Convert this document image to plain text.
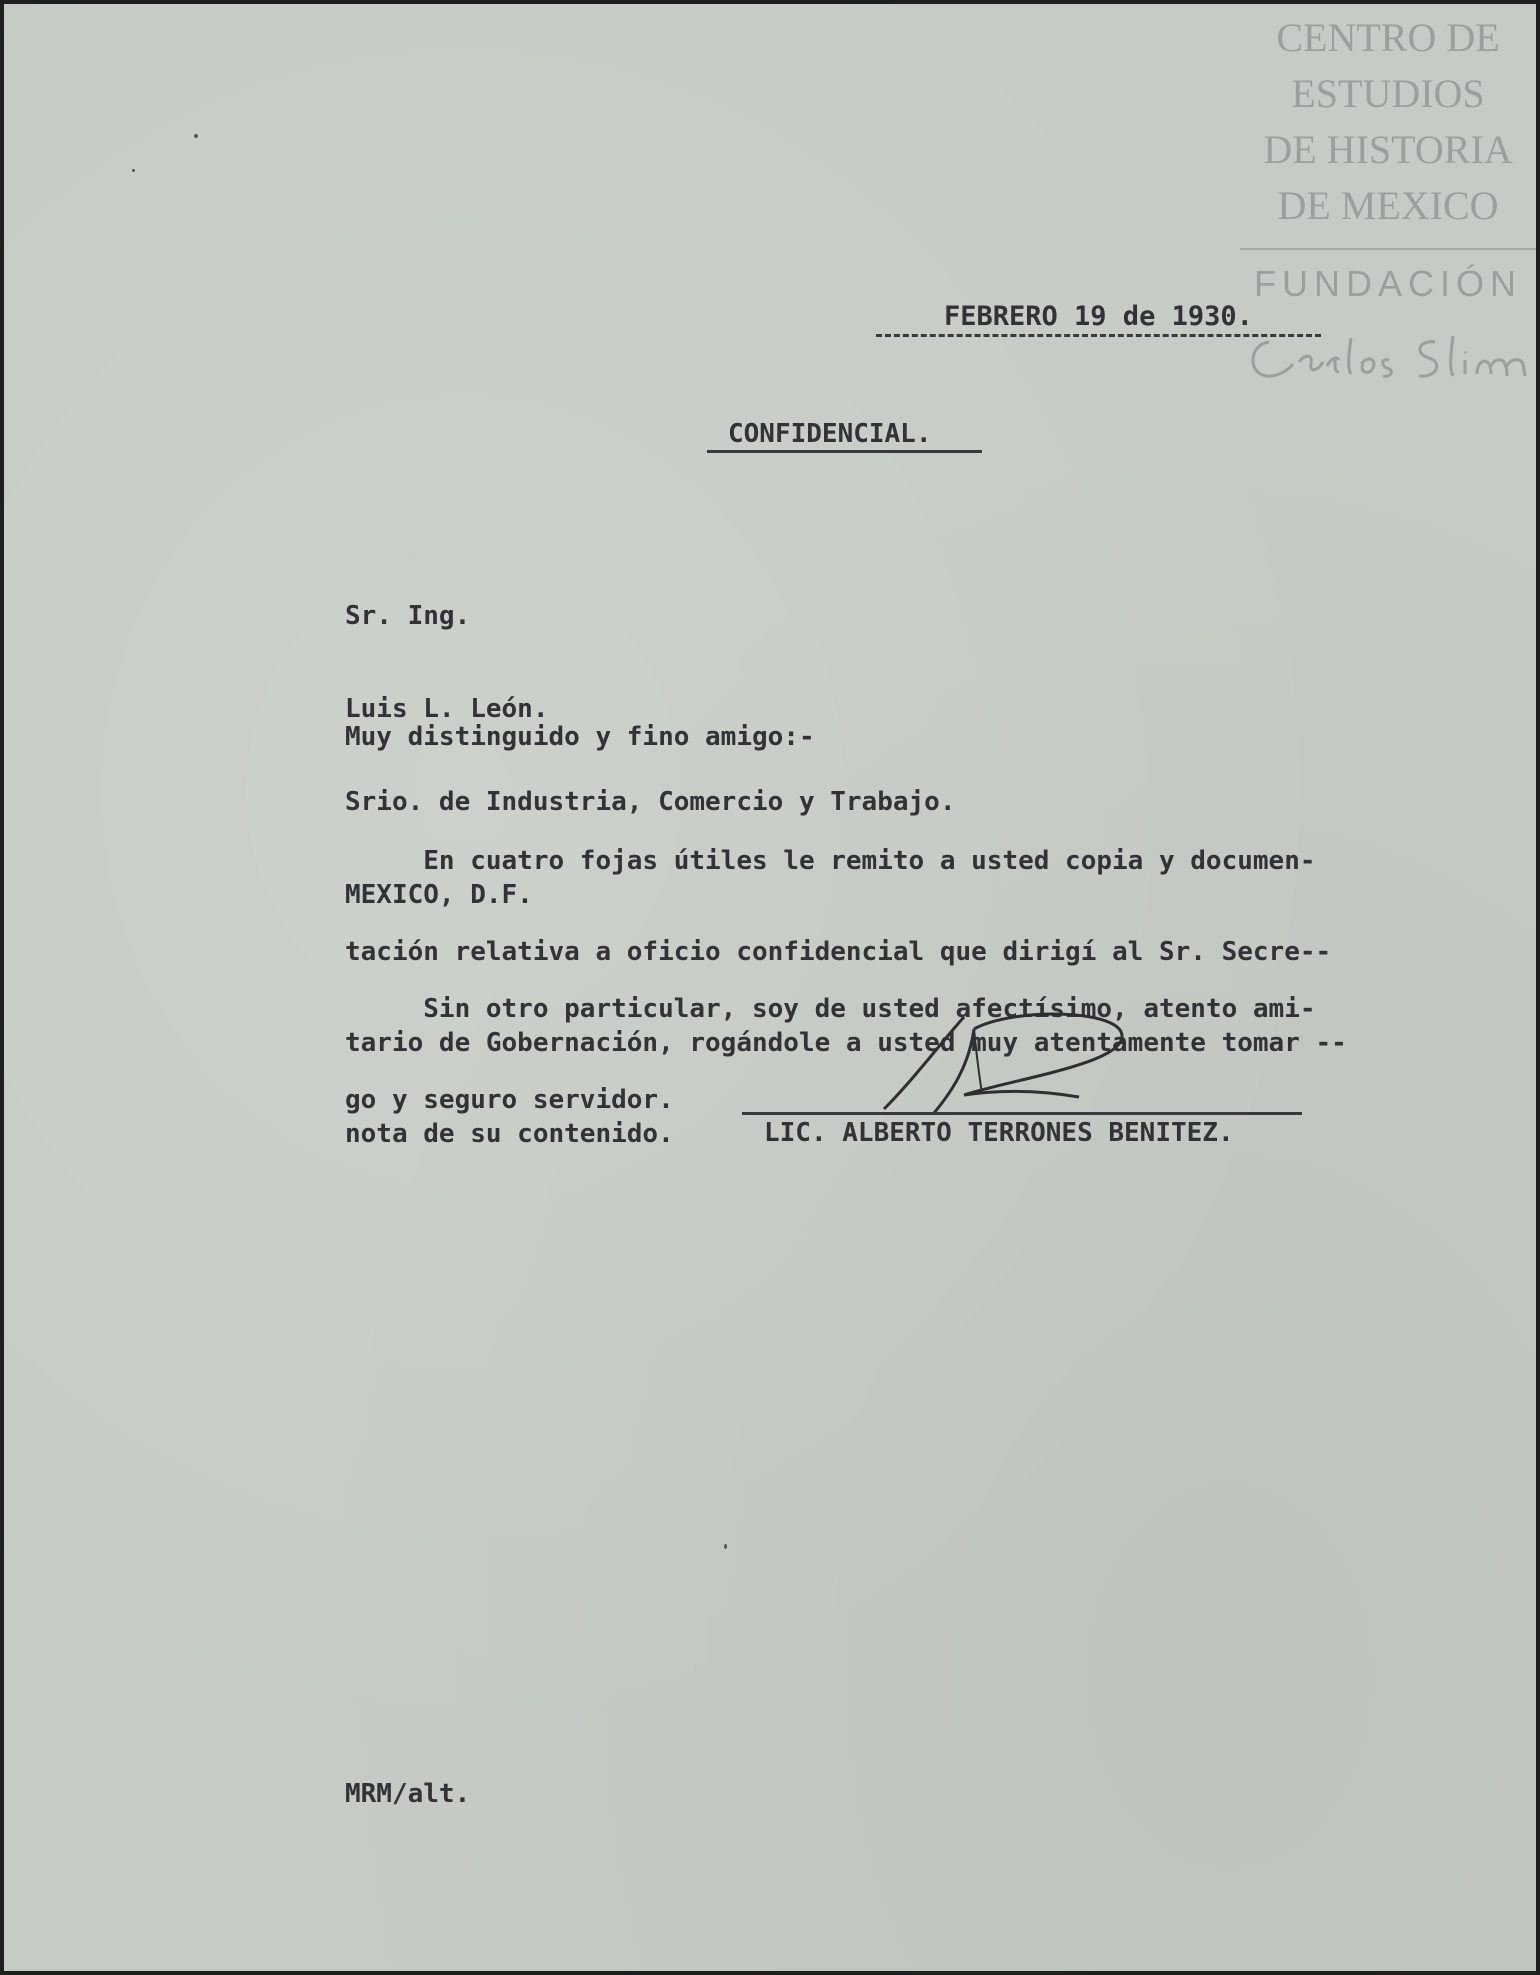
CENTRO DE
ESTUDIOS
DE HISTORIA
DE MEXICO
FUNDACIÓN
FEBRERO 19 de 1930.
CONFIDENCIAL.

Sr. Ing.

Luis L. León.

Srio. de Industria, Comercio y Trabajo.

MEXICO, D.F.

Muy distinguido y fino amigo:-

En cuatro fojas útiles le remito a usted copia y documen-

tación relativa a oficio confidencial que dirigí al Sr. Secre--

tario de Gobernación, rogándole a usted muy atentamente tomar --

nota de su contenido.

Sin otro particular, soy de usted afectísimo, atento ami-

go y seguro servidor.

LIC. ALBERTO TERRONES BENITEZ.
MRM/alt.
